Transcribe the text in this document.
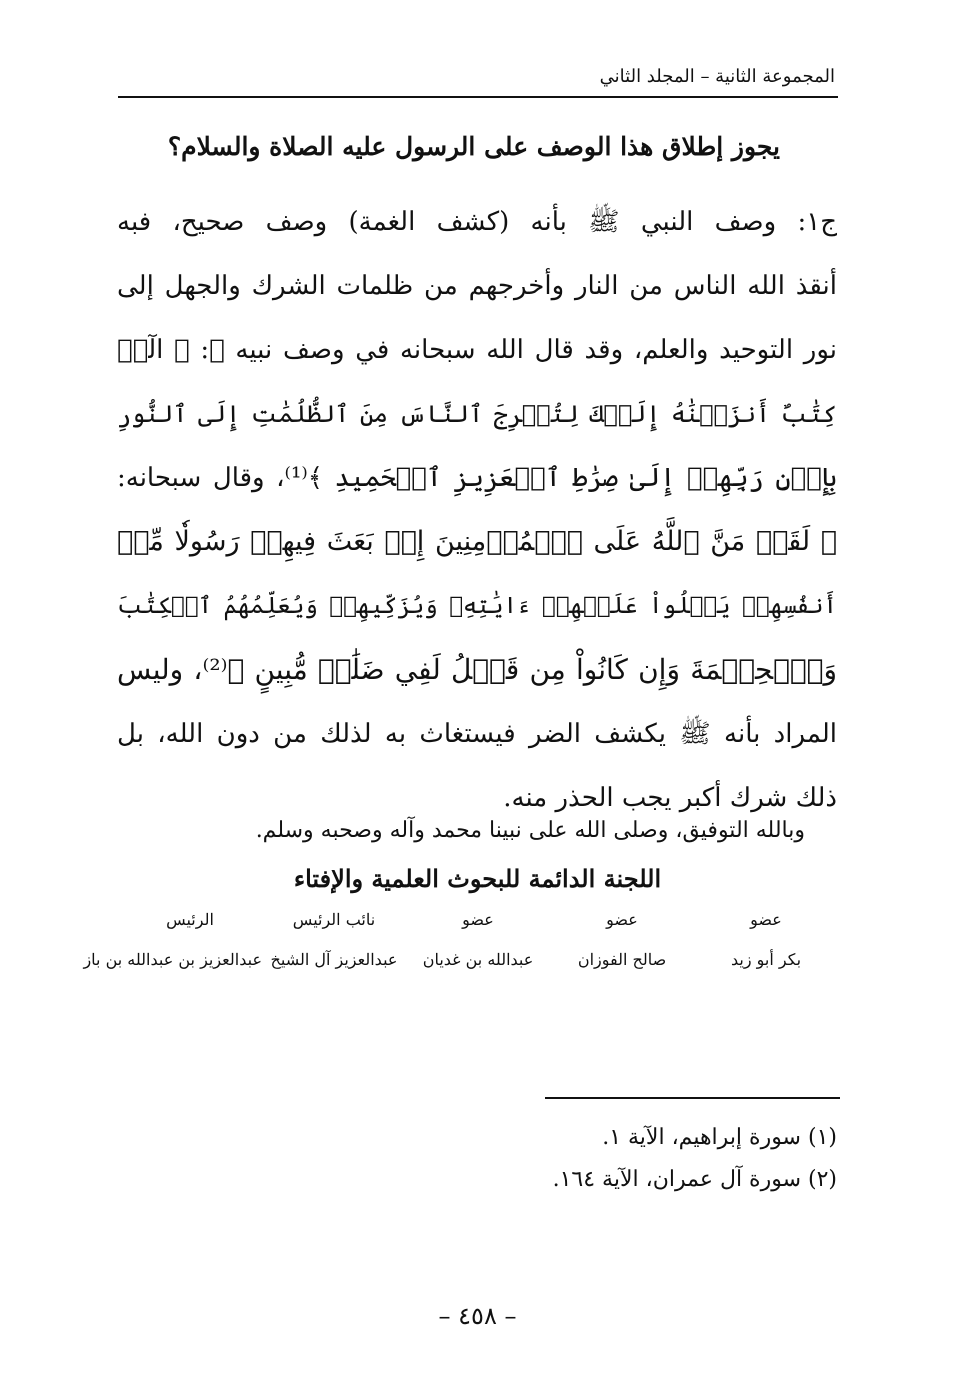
المجموعة الثانية – المجلد الثاني
يجوز إطلاق هذا الوصف على الرسول عليه الصلاة والسلام؟
ج١: وصف النبي ﷺ بأنه (كشف الغمة) وصف صحيح، فبه
أنقذ الله الناس من النار وأخرجهم من ظلمات الشرك والجهل إلى
نور التوحيد والعلم، وقد قال الله سبحانه في وصف نبيه ﷺ: ﴿ الٓرۚ
كِتَٰبٌ أَنزَلۡنَٰهُ إِلَيۡكَ لِتُخۡرِجَ ٱلنَّاسَ مِنَ ٱلظُّلُمَٰتِ إِلَى ٱلنُّورِ
بِإِذۡنِ رَبِّهِمۡ إِلَىٰ صِرَٰطِ ٱلۡعَزِيزِ ٱلۡحَمِيدِ ﴾⁽¹⁾، وقال سبحانه:
﴿ لَقَدۡ مَنَّ ٱللَّهُ عَلَى ٱلۡمُؤۡمِنِينَ إِذۡ بَعَثَ فِيهِمۡ رَسُولٗا مِّنۡ
أَنفُسِهِمۡ يَتۡلُواْ عَلَيۡهِمۡ ءَايَٰتِهِۦ وَيُزَكِّيهِمۡ وَيُعَلِّمُهُمُ ٱلۡكِتَٰبَ
وَٱلۡحِكۡمَةَ وَإِن كَانُواْ مِن قَبۡلُ لَفِي ضَلَٰلٖ مُّبِينٍ ﴾⁽²⁾، وليس
المراد بأنه ﷺ يكشف الضر فيستغاث به لذلك من دون الله، بل
ذلك شرك أكبر يجب الحذر منه.
وبالله التوفيق، وصلى الله على نبينا محمد وآله وصحبه وسلم.
اللجنة الدائمة للبحوث العلمية والإفتاء
عضو
عضو
عضو
نائب الرئيس
الرئيس
بكر أبو زيد
صالح الفوزان
عبدالله بن غديان
عبدالعزيز آل الشيخ
عبدالعزيز بن عبدالله بن باز
(١) سورة إبراهيم، الآية ١.
(٢) سورة آل عمران، الآية ١٦٤.
– ٤٥٨ –
